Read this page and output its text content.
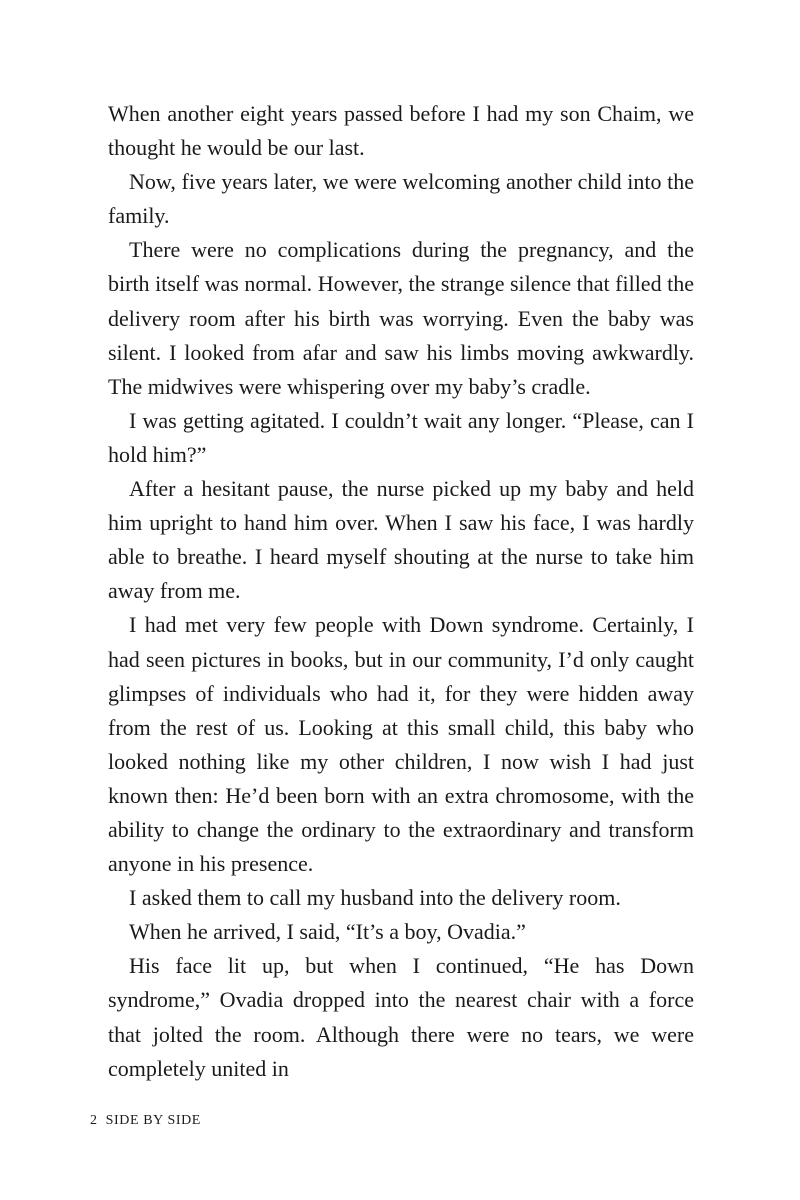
When another eight years passed before I had my son Chaim, we thought he would be our last.

Now, five years later, we were welcoming another child into the family.

There were no complications during the pregnancy, and the birth itself was normal. However, the strange silence that filled the delivery room after his birth was worrying. Even the baby was silent. I looked from afar and saw his limbs moving awkwardly. The midwives were whispering over my baby’s cradle.

I was getting agitated. I couldn’t wait any longer. “Please, can I hold him?”

After a hesitant pause, the nurse picked up my baby and held him upright to hand him over. When I saw his face, I was hardly able to breathe. I heard myself shouting at the nurse to take him away from me.

I had met very few people with Down syndrome. Certainly, I had seen pictures in books, but in our community, I’d only caught glimpses of individuals who had it, for they were hidden away from the rest of us. Looking at this small child, this baby who looked nothing like my other children, I now wish I had just known then: He’d been born with an extra chromosome, with the ability to change the ordinary to the extraordinary and transform anyone in his presence.

I asked them to call my husband into the delivery room.

When he arrived, I said, “It’s a boy, Ovadia.”

His face lit up, but when I continued, “He has Down syndrome,” Ovadia dropped into the nearest chair with a force that jolted the room. Although there were no tears, we were completely united in

2 SIDE BY SIDE
